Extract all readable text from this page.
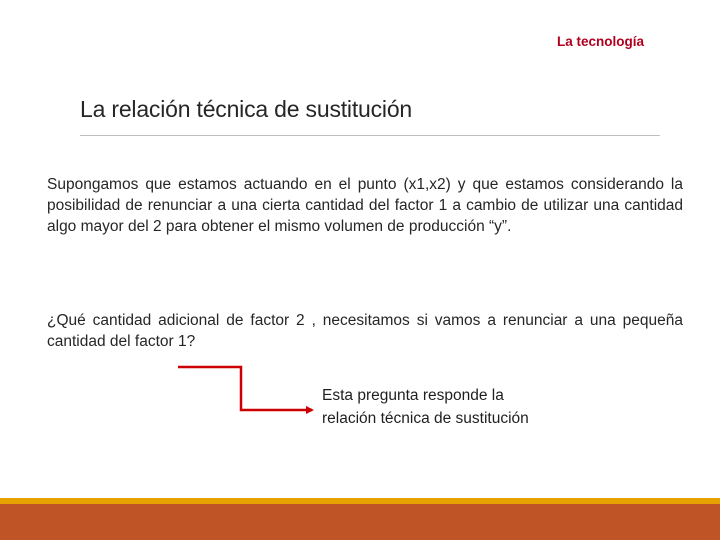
La tecnología
La relación técnica de sustitución

Supongamos que estamos actuando en el punto (x1,x2) y que estamos considerando la posibilidad de renunciar a una cierta cantidad del factor 1 a cambio de utilizar una cantidad algo mayor del 2 para obtener el mismo volumen de producción “y”.

¿Qué cantidad adicional de factor 2 , necesitamos si vamos a renunciar a una pequeña cantidad del factor 1?

Esta pregunta responde la
relación técnica de sustitución
